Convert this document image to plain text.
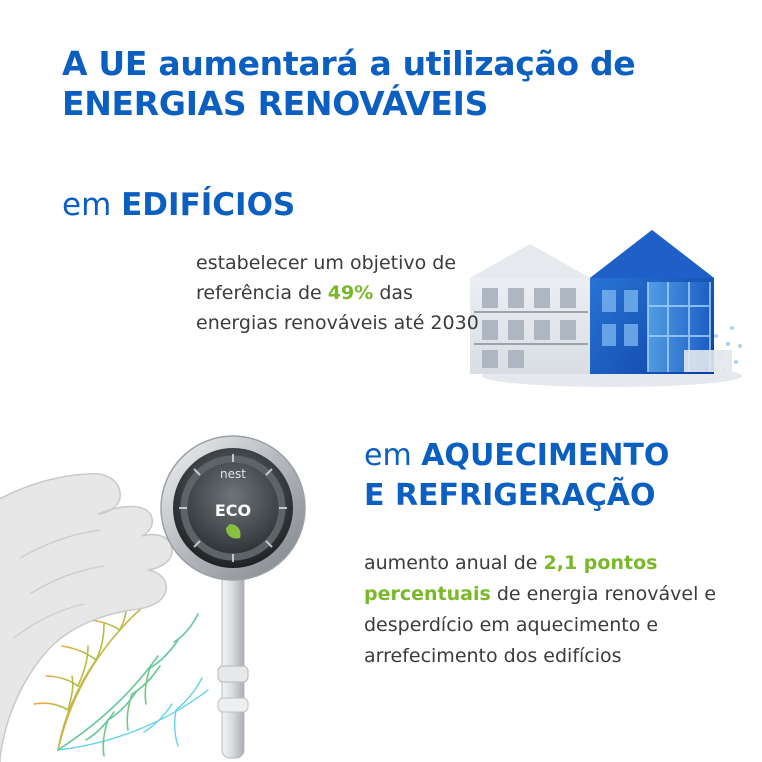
A UE aumentará a utilização de
ENERGIAS RENOVÁVEIS
em EDIFÍCIOS
estabelecer um objetivo de referência de 49% das energias renováveis até 2030
em AQUECIMENTO
E REFRIGERAÇÃO
aumento anual de 2,1 pontos percentuais de energia renovável e desperdício em aquecimento e arrefecimento dos edifícios
nest
ECO
